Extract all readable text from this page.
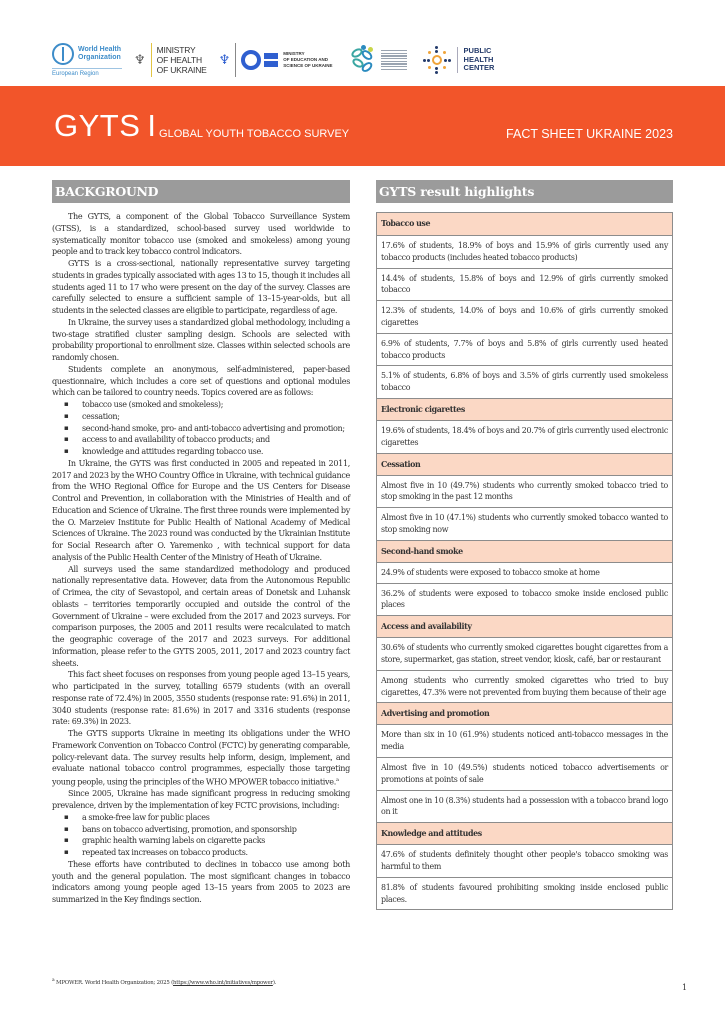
World Health
Organization
European Region
♆
MINISTRY
OF HEALTH
OF UKRAINE
♆	MINISTRY
OF EDUCATION AND
SCIENCE OF UKRAINE
PUBLIC
HEALTH
CENTER
GYTS I GLOBAL YOUTH TOBACCO SURVEY	FACT SHEET UKRAINE 2023
BACKGROUND	GYTS result highlights

The GYTS, a component of the Global Tobacco Surveillance System (GTSS), is a standardized, school-based survey used worldwide to systematically monitor tobacco use (smoked and smokeless) among young people and to track key tobacco control indicators.

GYTS is a cross-sectional, nationally representative survey targeting students in grades typically associated with ages 13 to 15, though it includes all students aged 11 to 17 who were present on the day of the survey. Classes are carefully selected to ensure a sufficient sample of 13–15-year-olds, but all students in the selected classes are eligible to participate, regardless of age.

In Ukraine, the survey uses a standardized global methodology, including a two-stage stratified cluster sampling design. Schools are selected with probability proportional to enrollment size. Classes within selected schools are randomly chosen.

Students complete an anonymous, self-administered, paper-based questionnaire, which includes a core set of questions and optional modules which can be tailored to country needs. Topics covered are as follows:

▪ tobacco use (smoked and smokeless);
▪ cessation;
▪ second-hand smoke, pro- and anti-tobacco advertising and promotion;
▪ access to and availability of tobacco products; and
▪ knowledge and attitudes regarding tobacco use.

In Ukraine, the GYTS was first conducted in 2005 and repeated in 2011, 2017 and 2023 by the WHO Country Office in Ukraine, with technical guidance from the WHO Regional Office for Europe and the US Centers for Disease Control and Prevention, in collaboration with the Ministries of Health and of Education and Science of Ukraine. The first three rounds were implemented by the O. Marzeiev Institute for Public Health of National Academy of Medical Sciences of Ukraine. The 2023 round was conducted by the Ukrainian Institute for Social Research after O. Yaremenko , with technical support for data analysis of the Public Health Center of the Ministry of Heath of Ukraine.

All surveys used the same standardized methodology and produced nationally representative data. However, data from the Autonomous Republic of Crimea, the city of Sevastopol, and certain areas of Donetsk and Luhansk oblasts – territories temporarily occupied and outside the control of the Government of Ukraine – were excluded from the 2017 and 2023 surveys. For comparison purposes, the 2005 and 2011 results were recalculated to match the geographic coverage of the 2017 and 2023 surveys. For additional information, please refer to the GYTS 2005, 2011, 2017 and 2023 country fact sheets.

This fact sheet focuses on responses from young people aged 13–15 years, who participated in the survey, totalling 6579 students (with an overall response rate of 72.4%) in 2005, 3550 students (response rate: 91.6%) in 2011, 3040 students (response rate: 81.6%) in 2017 and 3316 students (response rate: 69.3%) in 2023.

The GYTS supports Ukraine in meeting its obligations under the WHO Framework Convention on Tobacco Control (FCTC) by generating comparable, policy-relevant data. The survey results help inform, design, implement, and evaluate national tobacco control programmes, especially those targeting young people, using the principles of the WHO MPOWER tobacco initiative.$^a$

Since 2005, Ukraine has made significant progress in reducing smoking prevalence, driven by the implementation of key FCTC provisions, including:

▪ a smoke-free law for public places
▪ bans on tobacco advertising, promotion, and sponsorship
▪ graphic health warning labels on cigarette packs
▪ repeated tax increases on tobacco products.

These efforts have contributed to declines in tobacco use among both youth and the general population. The most significant changes in tobacco indicators among young people aged 13–15 years from 2005 to 2023 are summarized in the Key findings section.

$^a$ MPOWER. World Health Organization; 2025 (https://www.who.int/initiatives/mpower).
1
Tobacco use
17.6% of students, 18.9% of boys and 15.9% of girls currently used any tobacco products (includes heated tobacco products)
14.4% of students, 15.8% of boys and 12.9% of girls currently smoked tobacco
12.3% of students, 14.0% of boys and 10.6% of girls currently smoked cigarettes
6.9% of students, 7.7% of boys and 5.8% of girls currently used heated tobacco products
5.1% of students, 6.8% of boys and 3.5% of girls currently used smokeless tobacco
Electronic cigarettes
19.6% of students, 18.4% of boys and 20.7% of girls currently used electronic cigarettes
Cessation
Almost five in 10 (49.7%) students who currently smoked tobacco tried to stop smoking in the past 12 months
Almost five in 10 (47.1%) students who currently smoked tobacco wanted to stop smoking now
Second-hand smoke
24.9% of students were exposed to tobacco smoke at home
36.2% of students were exposed to tobacco smoke inside enclosed public places
Access and availability
30.6% of students who currently smoked cigarettes bought cigarettes from a store, supermarket, gas station, street vendor, kiosk, café, bar or restaurant
Among students who currently smoked cigarettes who tried to buy cigarettes, 47.3% were not prevented from buying them because of their age
Advertising and promotion
More than six in 10 (61.9%) students noticed anti-tobacco messages in the media
Almost five in 10 (49.5%) students noticed tobacco advertisements or promotions at points of sale
Almost one in 10 (8.3%) students had a possession with a tobacco brand logo on it
Knowledge and attitudes
47.6% of students definitely thought other people's tobacco smoking was harmful to them
81.8% of students favoured prohibiting smoking inside enclosed public places.
